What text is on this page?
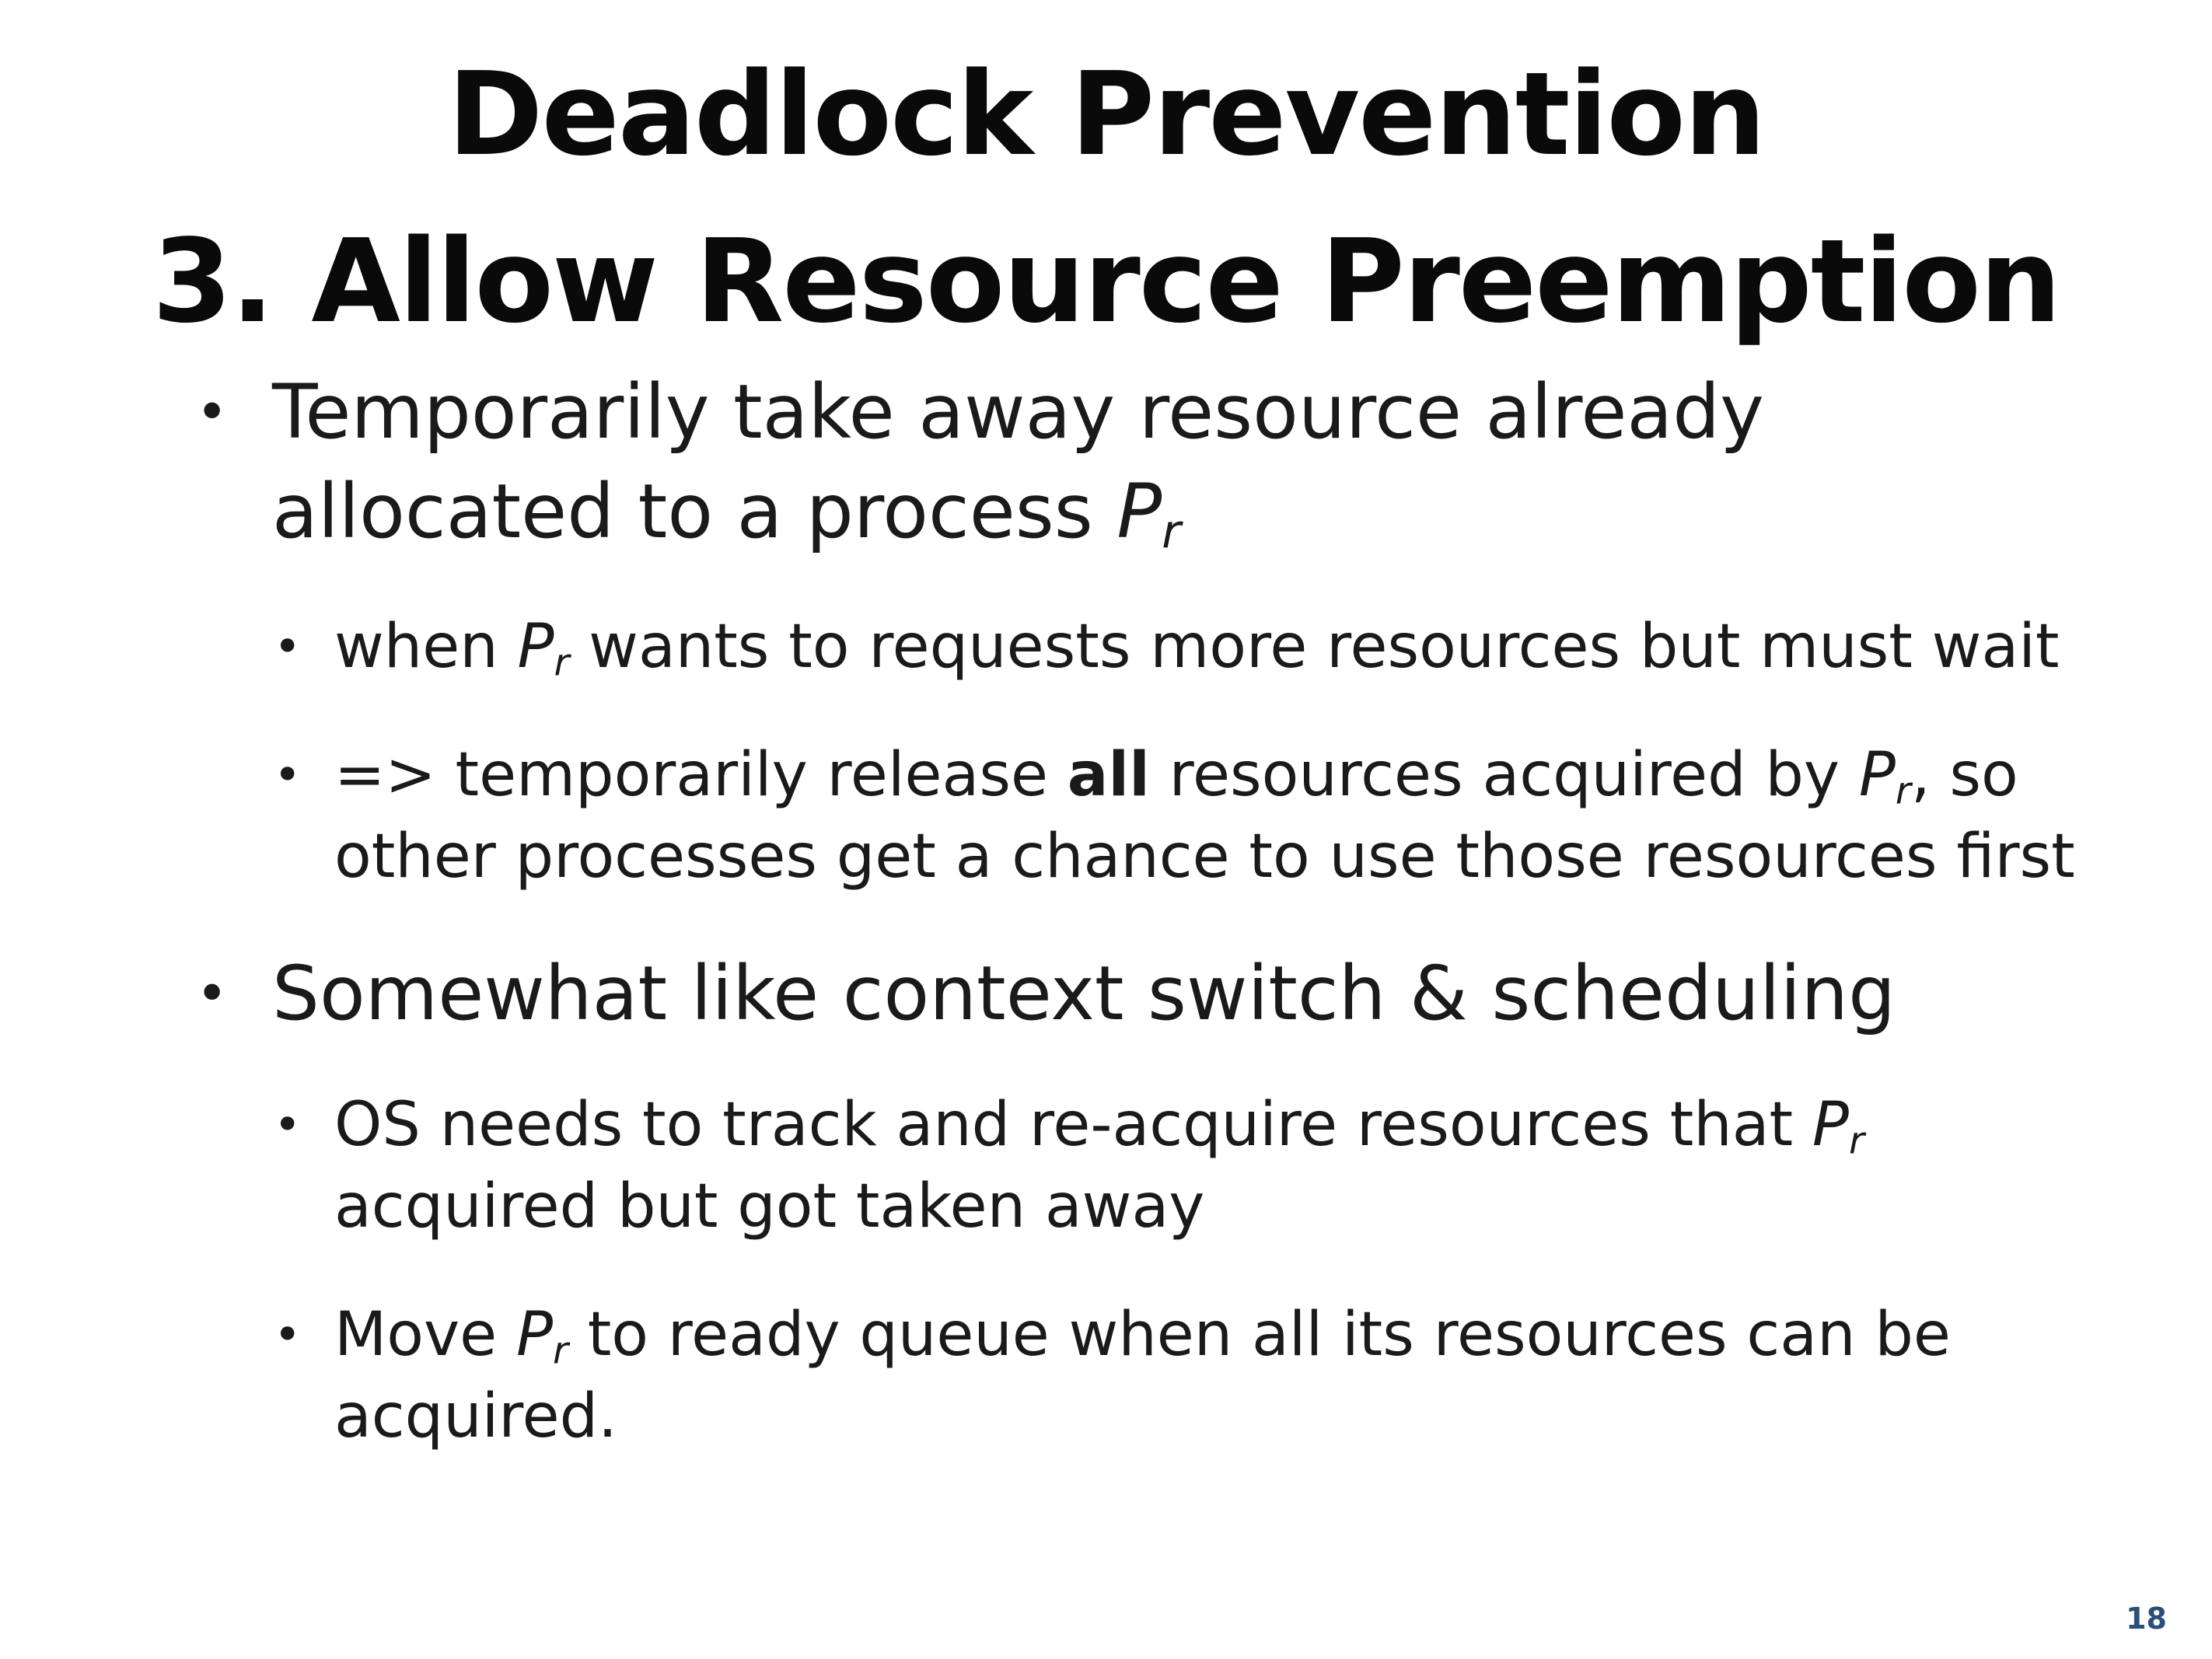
Deadlock Prevention
3. Allow Resource Preemption
• Temporarily take away resource already
allocated to a process $P_r$
• when $P_r$ wants to requests more resources but must wait
• => temporarily release all resources acquired by $P_r$, so
other processes get a chance to use those resources first
• Somewhat like context switch & scheduling
• OS needs to track and re-acquire resources that $P_r$
acquired but got taken away
• Move $P_r$ to ready queue when all its resources can be
acquired.
18
